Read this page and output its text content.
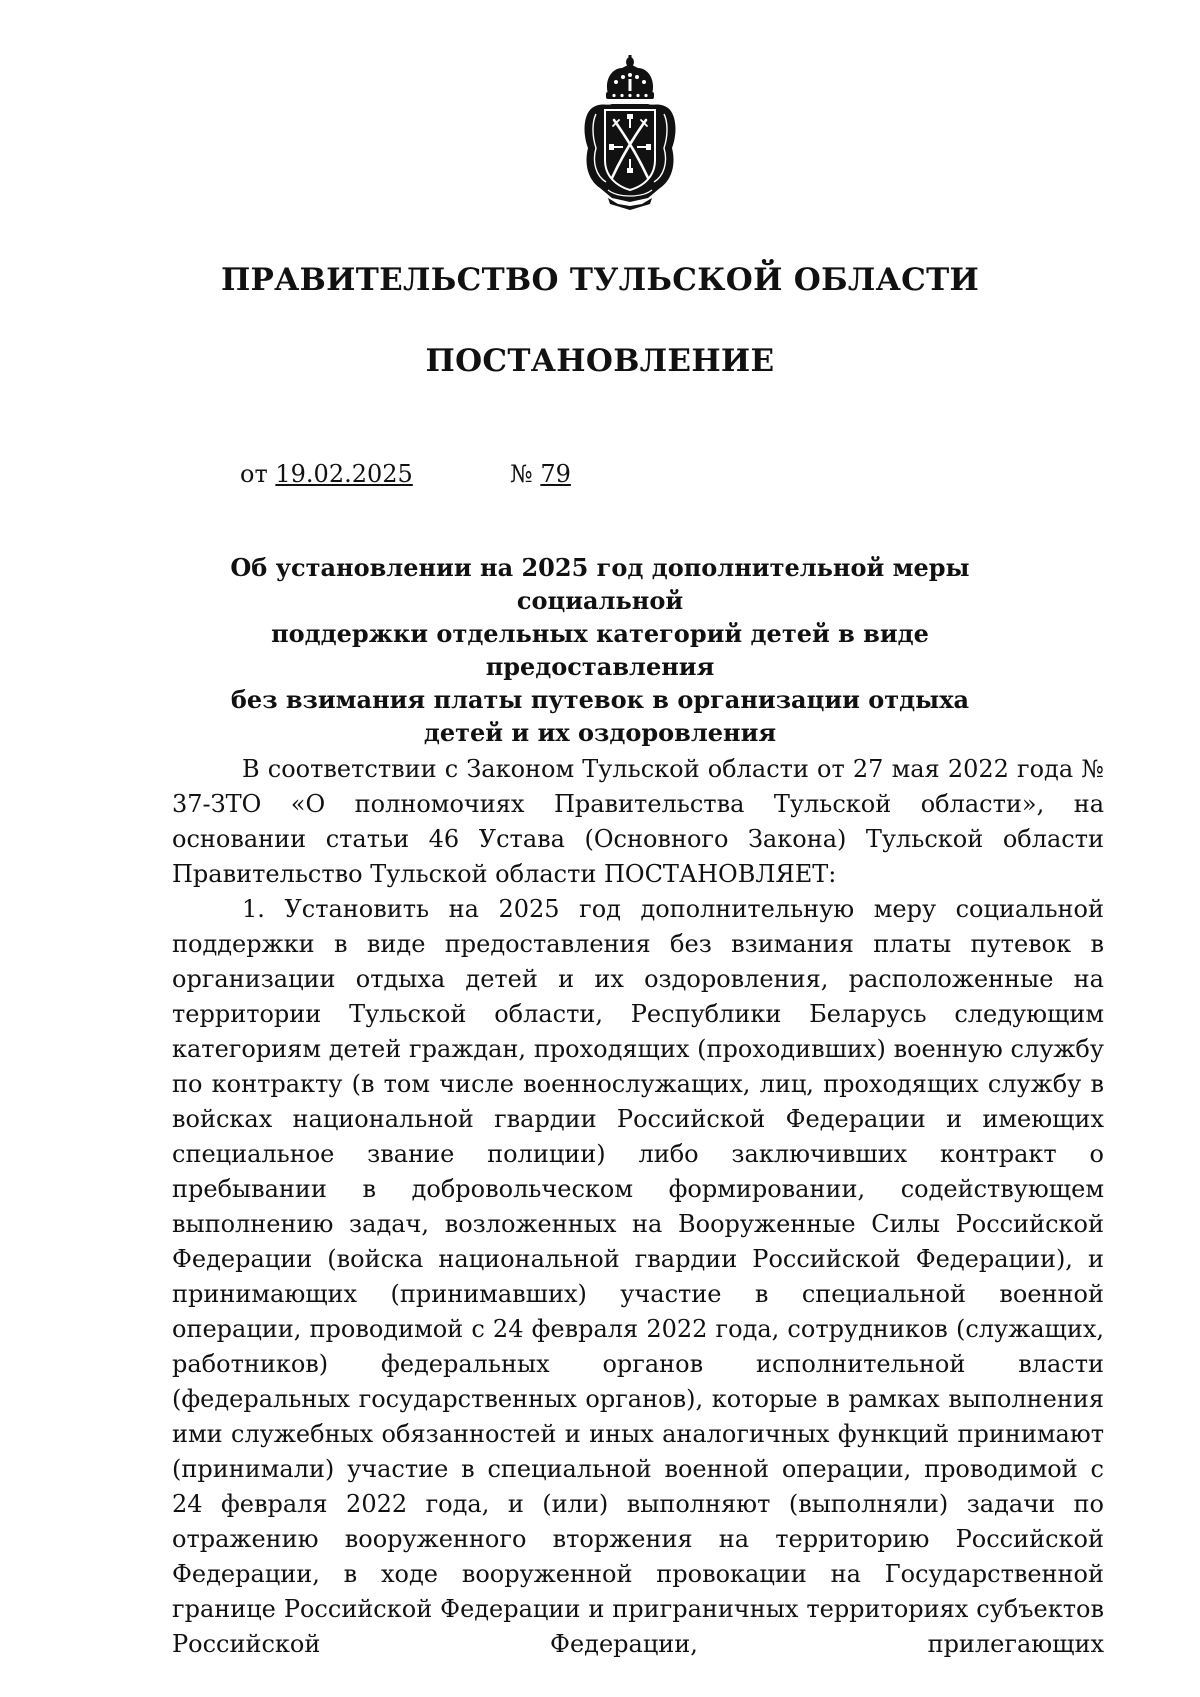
ПРАВИТЕЛЬСТВО ТУЛЬСКОЙ ОБЛАСТИ
ПОСТАНОВЛЕНИЕ
от 19.02.2025	№ 79
Об установлении на 2025 год дополнительной меры социальной
поддержки отдельных категорий детей в виде предоставления
без взимания платы путевок в организации отдыха
детей и их оздоровления

В соответствии с Законом Тульской области от 27 мая 2022 года № 37-ЗТО «О полномочиях Правительства Тульской области», на основании статьи 46 Устава (Основного Закона) Тульской области Правительство Тульской области ПОСТАНОВЛЯЕТ:

1. Установить на 2025 год дополнительную меру социальной поддержки в виде предоставления без взимания платы путевок в организации отдыха детей и их оздоровления, расположенные на территории Тульской области, Республики Беларусь следующим категориям детей граждан, проходящих (проходивших) военную службу по контракту (в том числе военнослужащих, лиц, проходящих службу в войсках национальной гвардии Российской Федерации и имеющих специальное звание полиции) либо заключивших контракт о пребывании в добровольческом формировании, содействующем выполнению задач, возложенных на Вооруженные Силы Российской Федерации (войска национальной гвардии Российской Федерации), и принимающих (принимавших) участие в специальной военной операции, проводимой с 24 февраля 2022 года, сотрудников (служащих, работников) федеральных органов исполнительной власти (федеральных государственных органов), которые в рамках выполнения ими служебных обязанностей и иных аналогичных функций принимают (принимали) участие в специальной военной операции, проводимой с 24 февраля 2022 года, и (или) выполняют (выполняли) задачи по отражению вооруженного вторжения на территорию Российской Федерации, в ходе вооруженной провокации на Государственной границе Российской Федерации и приграничных территориях субъектов Российской Федерации, прилегающих
